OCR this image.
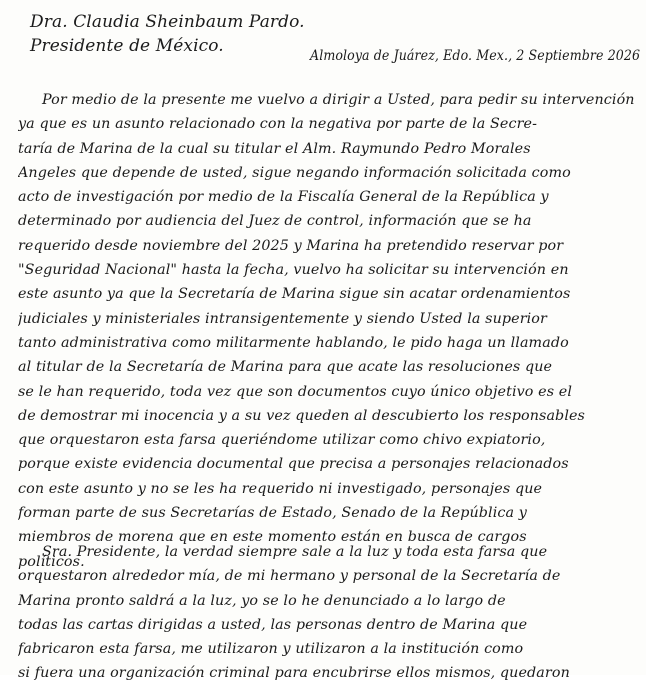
Dra. Claudia Sheinbaum Pardo.
Presidente de México.	Almoloya de Juárez, Edo. Mex., 2 Septiembre 2026
Por medio de la presente me vuelvo a dirigir a Usted, para pedir su intervención
ya que es un asunto relacionado con la negativa por parte de la Secre-
taría de Marina de la cual su titular el Alm. Raymundo Pedro Morales
Angeles que depende de usted, sigue negando información solicitada como
acto de investigación por medio de la Fiscalía General de la República y
determinado por audiencia del Juez de control, información que se ha
requerido desde noviembre del 2025 y Marina ha pretendido reservar por
"Seguridad Nacional" hasta la fecha, vuelvo ha solicitar su intervención en
este asunto ya que la Secretaría de Marina sigue sin acatar ordenamientos
judiciales y ministeriales intransigentemente y siendo Usted la superior
tanto administrativa como militarmente hablando, le pido haga un llamado
al titular de la Secretaría de Marina para que acate las resoluciones que
se le han requerido, toda vez que son documentos cuyo único objetivo es el
de demostrar mi inocencia y a su vez queden al descubierto los responsables
que orquestaron esta farsa queriéndome utilizar como chivo expiatorio,
porque existe evidencia documental que precisa a personajes relacionados
con este asunto y no se les ha requerido ni investigado, personajes que
forman parte de sus Secretarías de Estado, Senado de la República y
miembros de morena que en este momento están en busca de cargos
políticos.
Sra. Presidente, la verdad siempre sale a la luz y toda esta farsa que
orquestaron alrededor mía, de mi hermano y personal de la Secretaría de
Marina pronto saldrá a la luz, yo se lo he denunciado a lo largo de
todas las cartas dirigidas a usted, las personas dentro de Marina que
fabricaron esta farsa, me utilizaron y utilizaron a la institución como
si fuera una organización criminal para encubrirse ellos mismos, quedaron
